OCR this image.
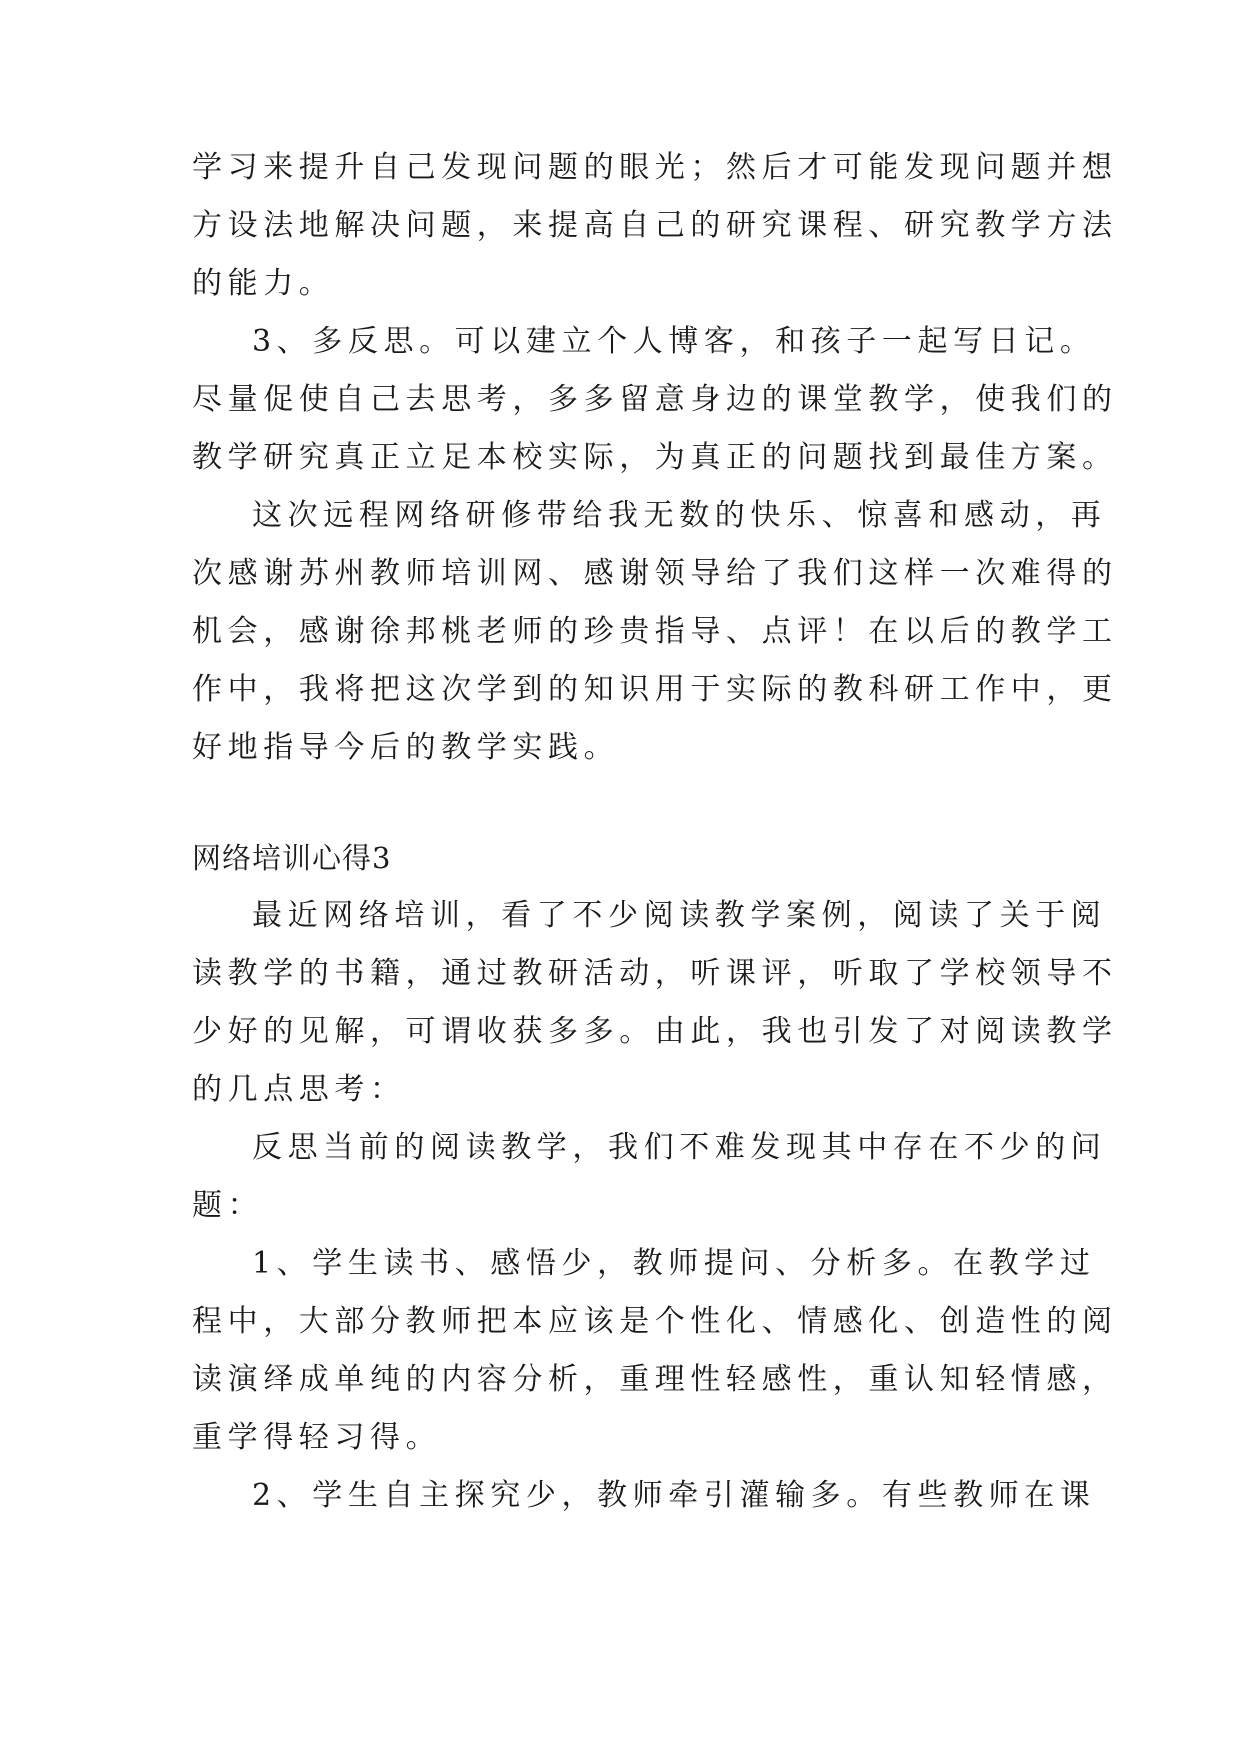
学习来提升自己发现问题的眼光；然后才可能发现问题并想
方设法地解决问题，来提高自己的研究课程、研究教学方法
的能力。
3、多反思。可以建立个人博客，和孩子一起写日记。
尽量促使自己去思考，多多留意身边的课堂教学，使我们的
教学研究真正立足本校实际，为真正的问题找到最佳方案。
这次远程网络研修带给我无数的快乐、惊喜和感动，再
次感谢苏州教师培训网、感谢领导给了我们这样一次难得的
机会，感谢徐邦桃老师的珍贵指导、点评！在以后的教学工
作中，我将把这次学到的知识用于实际的教科研工作中，更
好地指导今后的教学实践。
网络培训心得3
最近网络培训，看了不少阅读教学案例，阅读了关于阅
读教学的书籍，通过教研活动，听课评，听取了学校领导不
少好的见解，可谓收获多多。由此，我也引发了对阅读教学
的几点思考：
反思当前的阅读教学，我们不难发现其中存在不少的问
题：
1、学生读书、感悟少，教师提问、分析多。在教学过
程中，大部分教师把本应该是个性化、情感化、创造性的阅
读演绎成单纯的内容分析，重理性轻感性，重认知轻情感，
重学得轻习得。
2、学生自主探究少，教师牵引灌输多。有些教师在课
